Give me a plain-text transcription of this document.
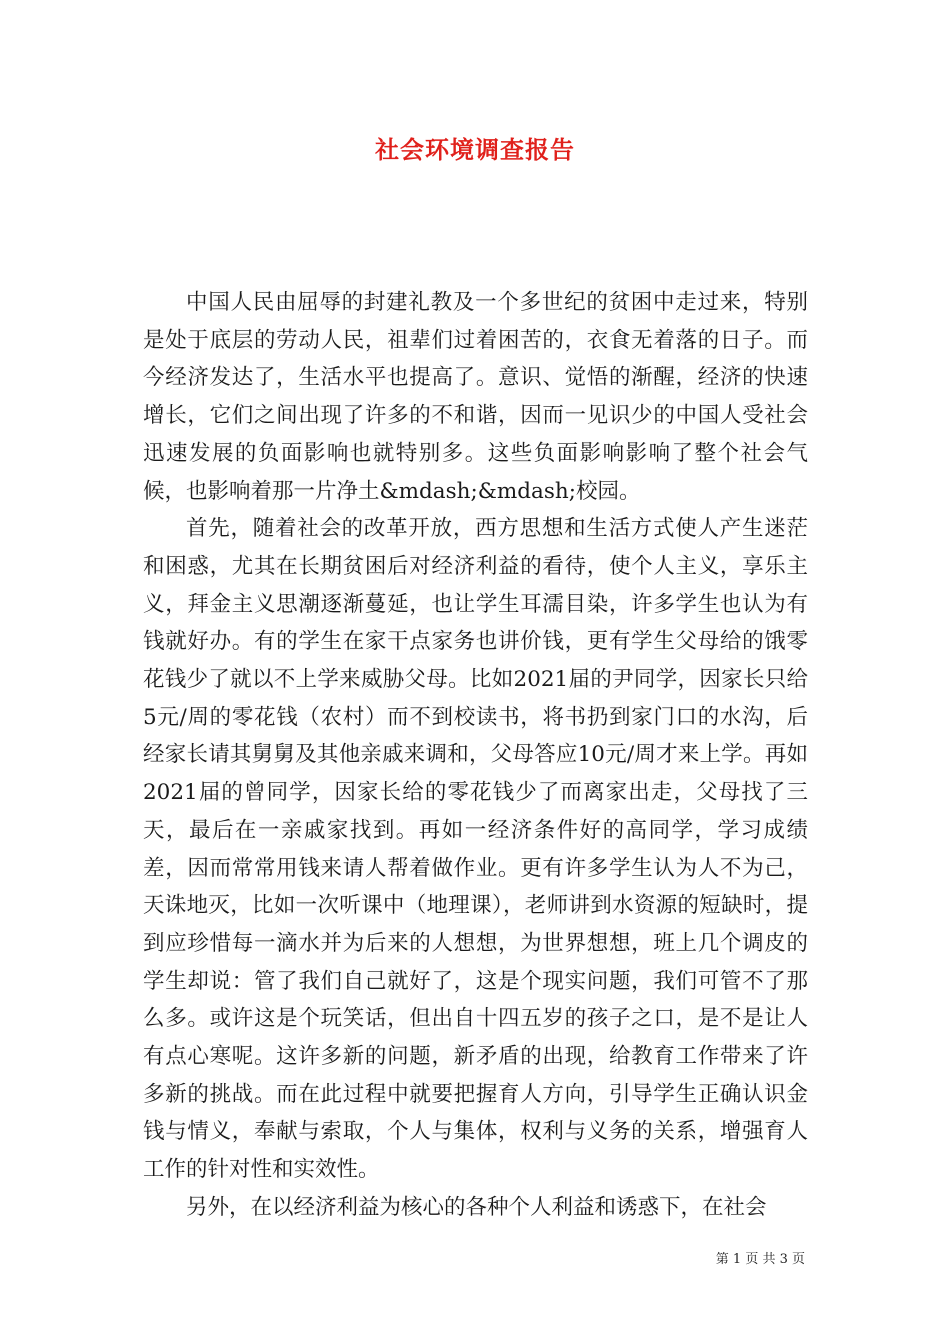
社会环境调查报告

中国人民由屈辱的封建礼教及一个多世纪的贫困中走过来，特别是处于底层的劳动人民，祖辈们过着困苦的，衣食无着落的日子。而今经济发达了，生活水平也提高了。意识、觉悟的渐醒，经济的快速增长，它们之间出现了许多的不和谐，因而一见识少的中国人受社会迅速发展的负面影响也就特别多。这些负面影响影响了整个社会气候，也影响着那一片净土&mdash;&mdash;校园。

首先，随着社会的改革开放，西方思想和生活方式使人产生迷茫和困惑，尤其在长期贫困后对经济利益的看待，使个人主义，享乐主义，拜金主义思潮逐渐蔓延，也让学生耳濡目染，许多学生也认为有钱就好办。有的学生在家干点家务也讲价钱，更有学生父母给的饿零花钱少了就以不上学来威胁父母。比如2021届的尹同学，因家长只给5元/周的零花钱（农村）而不到校读书，将书扔到家门口的水沟，后经家长请其舅舅及其他亲戚来调和，父母答应10元/周才来上学。再如2021届的曾同学，因家长给的零花钱少了而离家出走，父母找了三天，最后在一亲戚家找到。再如一经济条件好的高同学，学习成绩差，因而常常用钱来请人帮着做作业。更有许多学生认为人不为己，天诛地灭，比如一次听课中（地理课），老师讲到水资源的短缺时，提到应珍惜每一滴水并为后来的人想想，为世界想想，班上几个调皮的学生却说：管了我们自己就好了，这是个现实问题，我们可管不了那么多。或许这是个玩笑话，但出自十四五岁的孩子之口，是不是让人有点心寒呢。这许多新的问题，新矛盾的出现，给教育工作带来了许多新的挑战。而在此过程中就要把握育人方向，引导学生正确认识金钱与情义，奉献与索取，个人与集体，权利与义务的关系，增强育人工作的针对性和实效性。

另外，在以经济利益为核心的各种个人利益和诱惑下，在社会

第 1 页 共 3 页
